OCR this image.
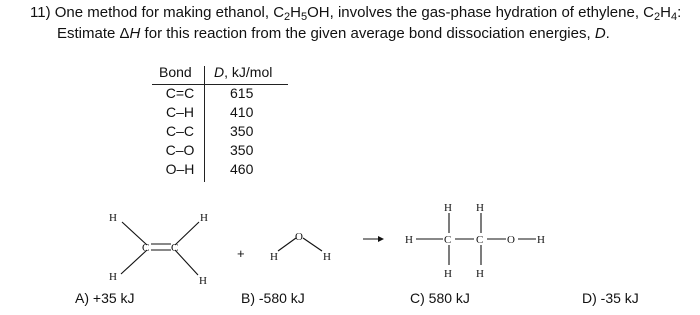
11) One method for making ethanol, $C_2H_5OH$, involves the gas-phase hydration of ethylene, $C_2H_4$:
Estimate ΔH for this reaction from the given average bond dissociation energies, D.
Bond D, kJ/mol
C=C	615
C–H	410
C–C	350
C–O	350
O–H	460
H
H
H
H
C C	+ H
O
H
H H
H	C C O H
H H
A) +35 kJ	B) -580 kJ	C) 580 kJ	D) -35 kJ
